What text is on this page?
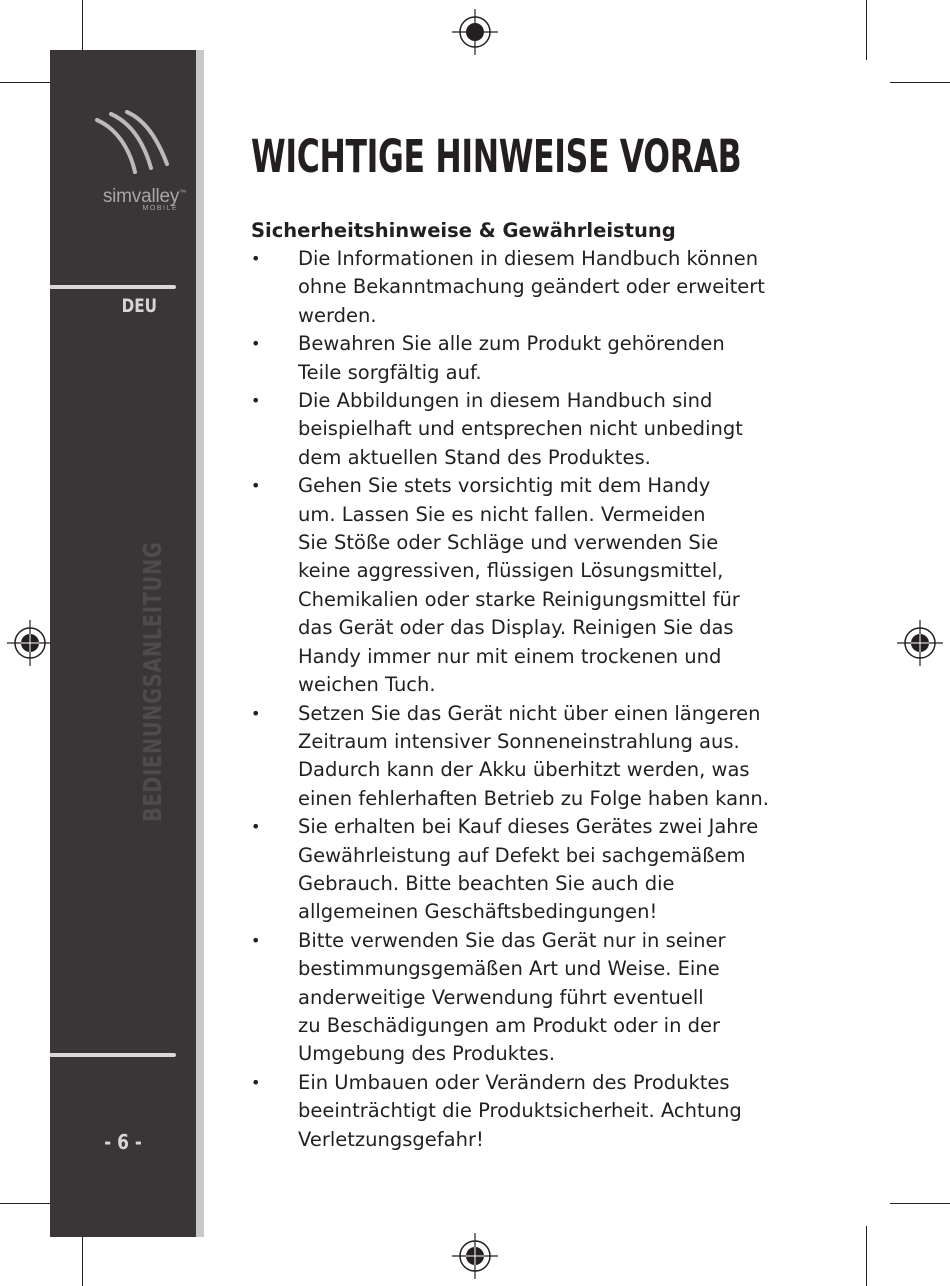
simvalley™
MOBILE
DEU
BEDIENUNGSANLEITUNG
- 6 -
WICHTIGE HINWEISE VORAB
Sicherheitshinweise & Gewährleistung
• Die Informationen in diesem Handbuch können
ohne Bekanntmachung geändert oder erweitert
werden.
• Bewahren Sie alle zum Produkt gehörenden
Teile sorgfältig auf.
• Die Abbildungen in diesem Handbuch sind
beispielhaft und entsprechen nicht unbedingt
dem aktuellen Stand des Produktes.
• Gehen Sie stets vorsichtig mit dem Handy
um. Lassen Sie es nicht fallen. Vermeiden
Sie Stöße oder Schläge und verwenden Sie
keine aggressiven, flüssigen Lösungsmittel,
Chemikalien oder starke Reinigungsmittel für
das Gerät oder das Display. Reinigen Sie das
Handy immer nur mit einem trockenen und
weichen Tuch.
• Setzen Sie das Gerät nicht über einen längeren
Zeitraum intensiver Sonneneinstrahlung aus.
Dadurch kann der Akku überhitzt werden, was
einen fehlerhaften Betrieb zu Folge haben kann.
• Sie erhalten bei Kauf dieses Gerätes zwei Jahre
Gewährleistung auf Defekt bei sachgemäßem
Gebrauch. Bitte beachten Sie auch die
allgemeinen Geschäftsbedingungen!
• Bitte verwenden Sie das Gerät nur in seiner
bestimmungsgemäßen Art und Weise. Eine
anderweitige Verwendung führt eventuell
zu Beschädigungen am Produkt oder in der
Umgebung des Produktes.
• Ein Umbauen oder Verändern des Produktes
beeinträchtigt die Produktsicherheit. Achtung
Verletzungsgefahr!
